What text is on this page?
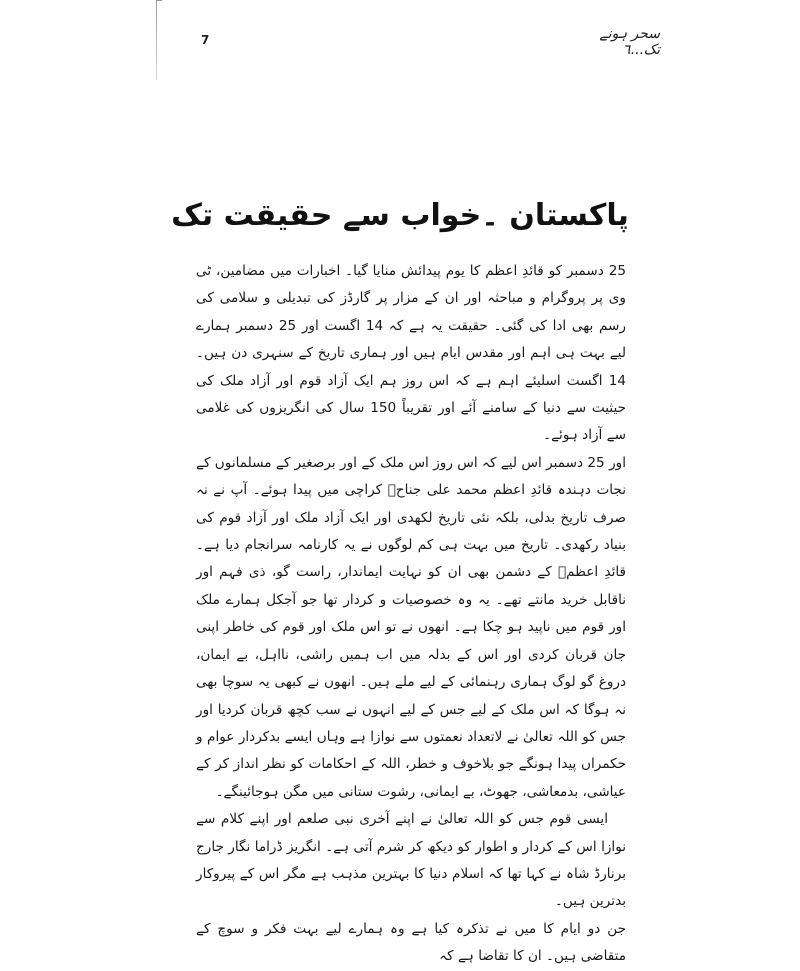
سحر ہونے تک...٦
7
پاکستان ۔خواب سے حقیقت تک

25 دسمبر کو قائدِ اعظم کا یوم پیدائش منایا گیا۔ اخبارات میں مضامین، ٹی وی پر پروگرام و مباحثہ اور ان کے مزار پر گارڈز کی تبدیلی و سلامی کی رسم بھی ادا کی گئی۔ حقیقت یہ ہے کہ 14 اگست اور 25 دسمبر ہمارے لیے بہت ہی اہم اور مقدس ایام ہیں اور ہماری تاریخ کے سنہری دن ہیں۔ 14 اگست اسلیئے اہم ہے کہ اس روز ہم ایک آزاد قوم اور آزاد ملک کی حیثیت سے دنیا کے سامنے آئے اور تقریباً 150 سال کی انگریزوں کی غلامی سے آزاد ہوئے۔

اور 25 دسمبر اس لیے کہ اس روز اس ملک کے اور برصغیر کے مسلمانوں کے نجات دہندہ قائدِ اعظم محمد علی جناحؒ کراچی میں پیدا ہوئے۔ آپ نے نہ صرف تاریخ بدلی، بلکہ نئی تاریخ لکھدی اور ایک آزاد ملک اور آزاد قوم کی بنیاد رکھدی۔ تاریخ میں بہت ہی کم لوگوں نے یہ کارنامہ سرانجام دیا ہے۔ قائدِ اعظمؒ کے دشمن بھی ان کو نہایت ایماندار، راست گو، ذی فہم اور ناقابل خرید مانتے تھے۔ یہ وہ خصوصیات و کردار تھا جو آجکل ہمارے ملک اور قوم میں ناپید ہو چکا ہے۔ انھوں نے تو اس ملک اور قوم کی خاطر اپنی جان قربان کردی اور اس کے بدلہ میں اب ہمیں راشی، نااہل، بے ایمان، دروغ گو لوگ ہماری رہنمائی کے لیے ملے ہیں۔ انھوں نے کبھی یہ سوچا بھی نہ ہوگا کہ اس ملک کے لیے جس کے لیے انہوں نے سب کچھ قربان کردیا اور جس کو اللہ تعالیٰ نے لاتعداد نعمتوں سے نوازا ہے وہاں ایسے بدکردار عوام و حکمراں پیدا ہونگے جو بلاخوف و خطر، اللہ کے احکامات کو نظر انداز کر کے عیاشی، بدمعاشی، جھوٹ، بے ایمانی، رشوت ستانی میں مگن ہوجائینگے۔

ایسی قوم جس کو اللہ تعالیٰ نے اپنے آخری نبی صلعم اور اپنے کلام سے نوازا اس کے کردار و اطوار کو دیکھ کر شرم آتی ہے۔ انگریز ڈراما نگار جارج برنارڈ شاہ نے کہا تھا کہ اسلام دنیا کا بہترین مذہب ہے مگر اس کے پیروکار بدترین ہیں۔

جن دو ایام کا میں نے تذکرہ کیا ہے وہ ہمارے لیے بہت فکر و سوچ کے متقاضی ہیں۔ ان کا تقاضا ہے کہ
